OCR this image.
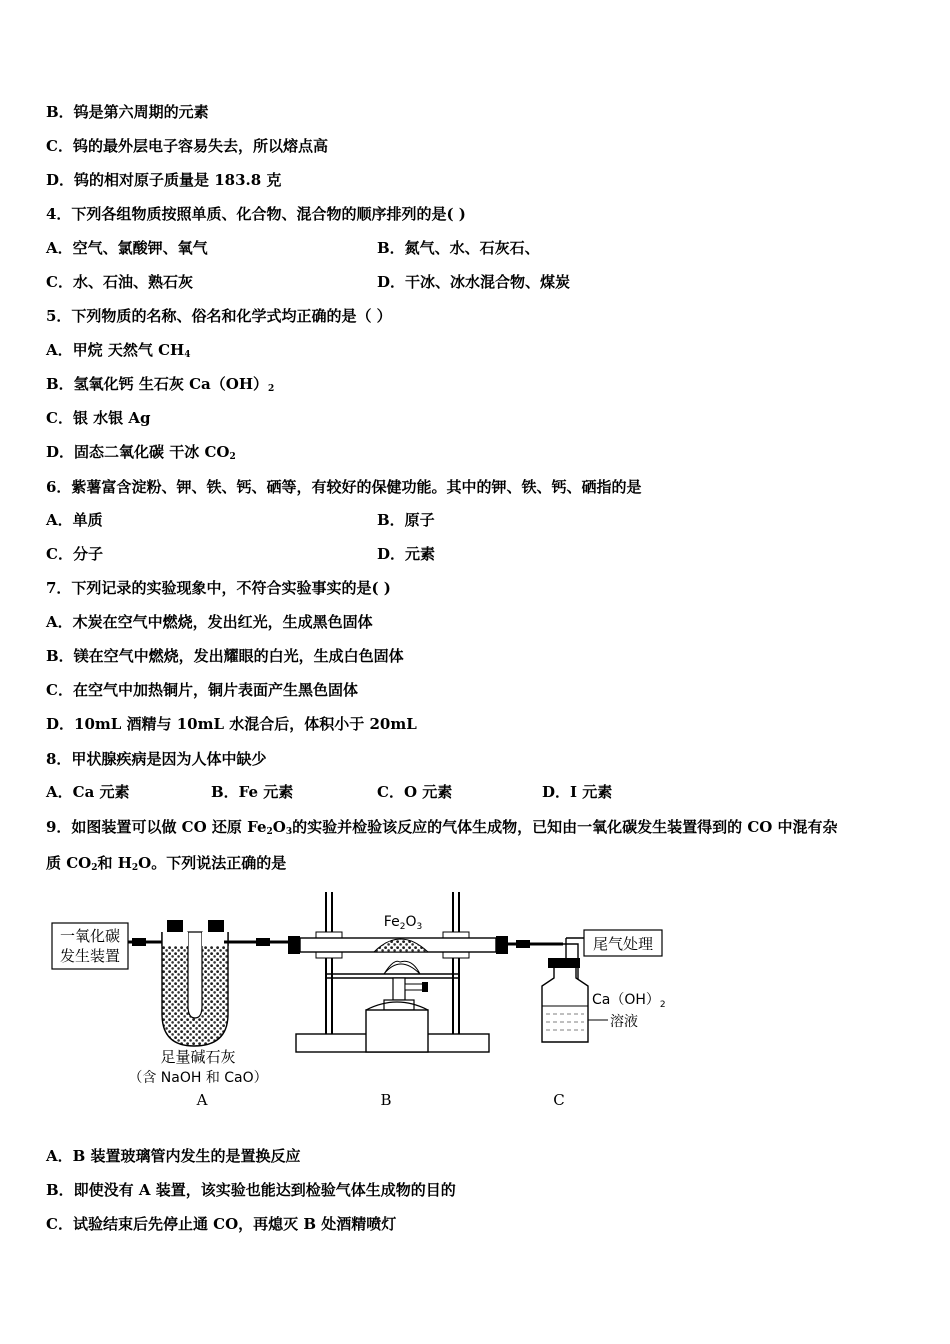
B．钨是第六周期的元素
C．钨的最外层电子容易失去，所以熔点高
D．钨的相对原子质量是 183.8 克
4．下列各组物质按照单质、化合物、混合物的顺序排列的是( )
A．空气、氯酸钾、氧气	B．氮气、水、石灰石、
C．水、石油、熟石灰	D．干冰、冰水混合物、煤炭
5．下列物质的名称、俗名和化学式均正确的是（ ）
A．甲烷 天然气 $CH_4$
B．氢氧化钙 生石灰 $Ca(OH)_2$
C．银 水银 Ag
D．固态二氧化碳 干冰 $CO_2$
6．紫薯富含淀粉、钾、铁、钙、硒等，有较好的保健功能。其中的钾、铁、钙、硒指的是
A．单质	B．原子
C．分子	D．元素
7．下列记录的实验现象中，不符合实验事实的是( )
A．木炭在空气中燃烧，发出红光，生成黑色固体
B．镁在空气中燃烧，发出耀眼的白光，生成白色固体
C．在空气中加热铜片，铜片表面产生黑色固体
D．10mL 酒精与 10mL 水混合后，体积小于 20mL
8．甲状腺疾病是因为人体中缺少
A．Ca 元素	B．Fe 元素	C．O 元素	D．I 元素
9．如图装置可以做 CO 还原 $Fe_2O_3$的实验并检验该反应的气体生成物，已知由一氧化碳发生装置得到的 CO 中混有杂
质 $CO_2$和 $H_2O$。下列说法正确的是
一氧化碳
发生装置
足量碱石灰
（含 NaOH 和 CaO）
$Fe_2O_3$
尾气处理
$Ca(OH)_2$
溶液
A	B	C
A．B 装置玻璃管内发生的是置换反应
B．即使没有 A 装置，该实验也能达到检验气体生成物的目的
C．试验结束后先停止通 CO，再熄灭 B 处酒精喷灯
